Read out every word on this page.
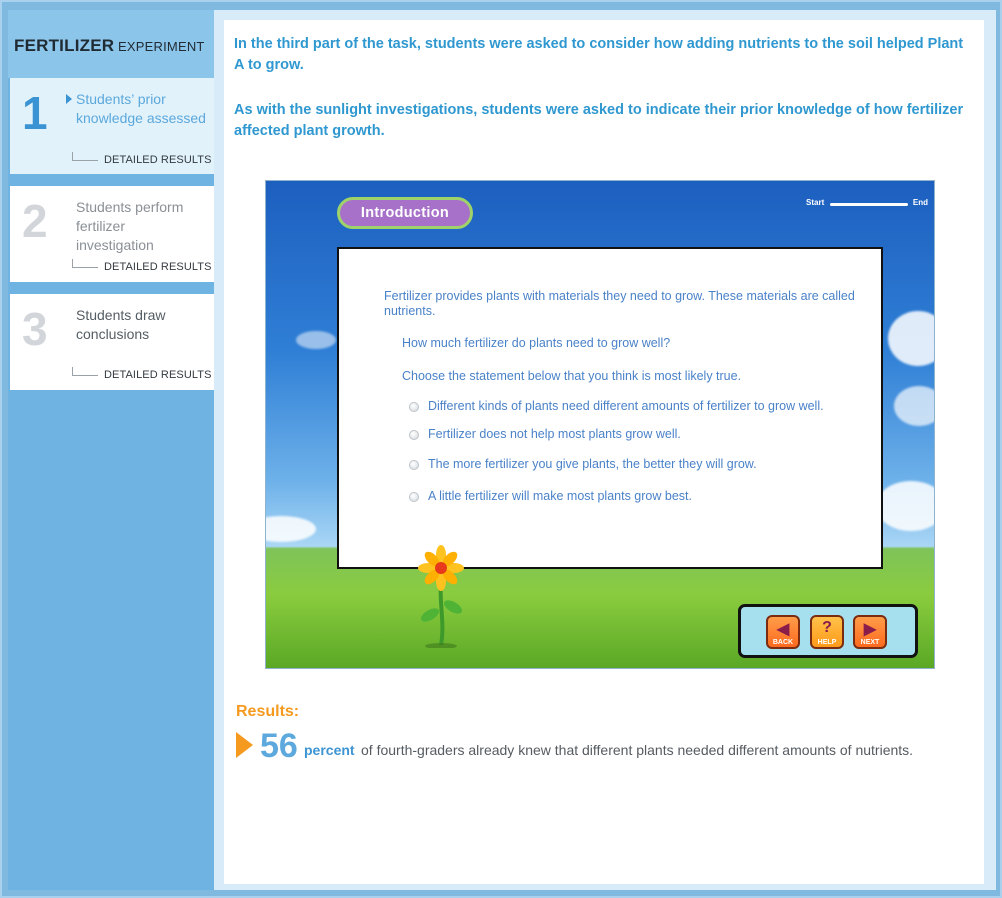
FERTILIZER EXPERIMENT
1 Students’ prior knowledge assessed
DETAILED RESULTS
2 Students perform fertilizer investigation
DETAILED RESULTS
3 Students draw conclusions
DETAILED RESULTS

In the third part of the task, students were asked to consider how adding nutrients to the soil helped Plant A to grow.

As with the sunlight investigations, students were asked to indicate their prior knowledge of how fertilizer affected plant growth.

Introduction
Start	End

Fertilizer provides plants with materials they need to grow. These materials are called nutrients.

How much fertilizer do plants need to grow well?

Choose the statement below that you think is most likely true.

Different kinds of plants need different amounts of fertilizer to grow well.
Fertilizer does not help most plants grow well.
The more fertilizer you give plants, the better they will grow.
A little fertilizer will make most plants grow best.
◀
BACK
?
HELP
▶
NEXT
Results:
56 percent of fourth-graders already knew that different plants needed different amounts of nutrients.
